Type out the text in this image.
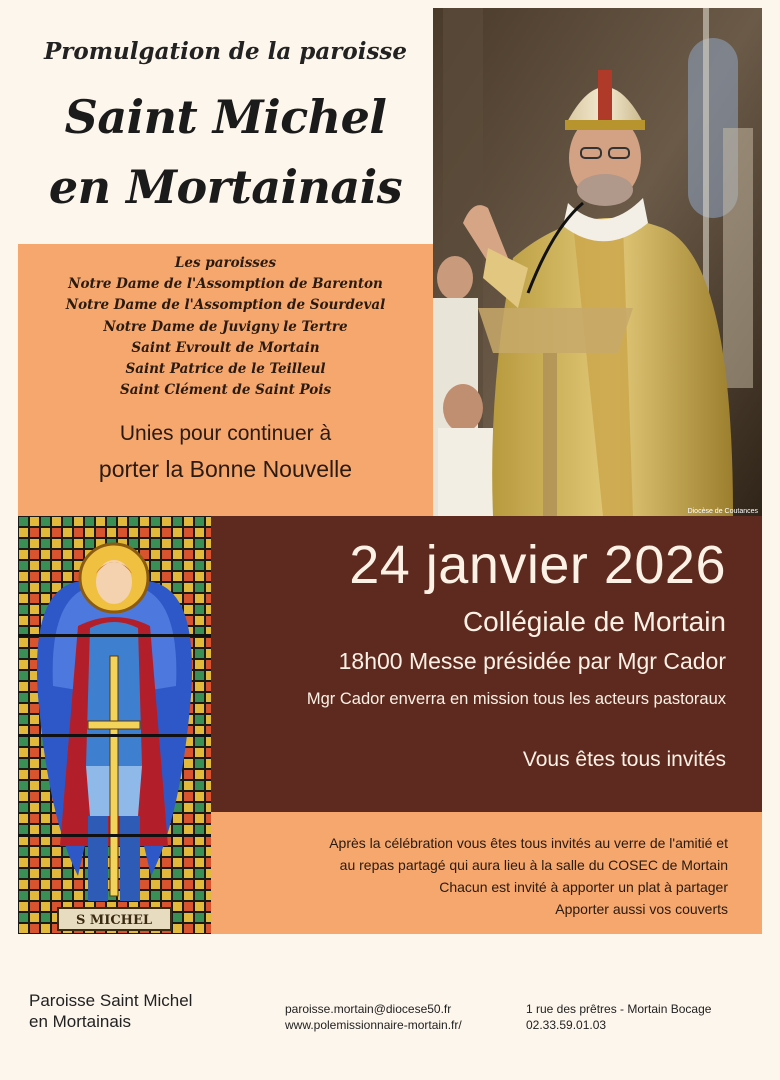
Promulgation de la paroisse
Saint Michel
en Mortainais
Les paroisses
Notre Dame de l'Assomption de Barenton
Notre Dame de l'Assomption de Sourdeval
Notre Dame de Juvigny le Tertre
Saint Evroult de Mortain
Saint Patrice de le Teilleul
Saint Clément de Saint Pois
Unies pour continuer à
porter la Bonne Nouvelle
Diocèse de Coutances
S MICHEL
24 janvier 2026
Collégiale de Mortain
18h00 Messe présidée par Mgr Cador
Mgr Cador enverra en mission tous les acteurs pastoraux
Vous êtes tous invités
Après la célébration vous êtes tous invités au verre de l'amitié et
au repas partagé qui aura lieu à la salle du COSEC de Mortain
Chacun est invité à apporter un plat à partager
Apporter aussi vos couverts
Paroisse Saint Michel
en Mortainais
paroisse.mortain@diocese50.fr
www.polemissionnaire-mortain.fr/
1 rue des prêtres - Mortain Bocage
02.33.59.01.03
